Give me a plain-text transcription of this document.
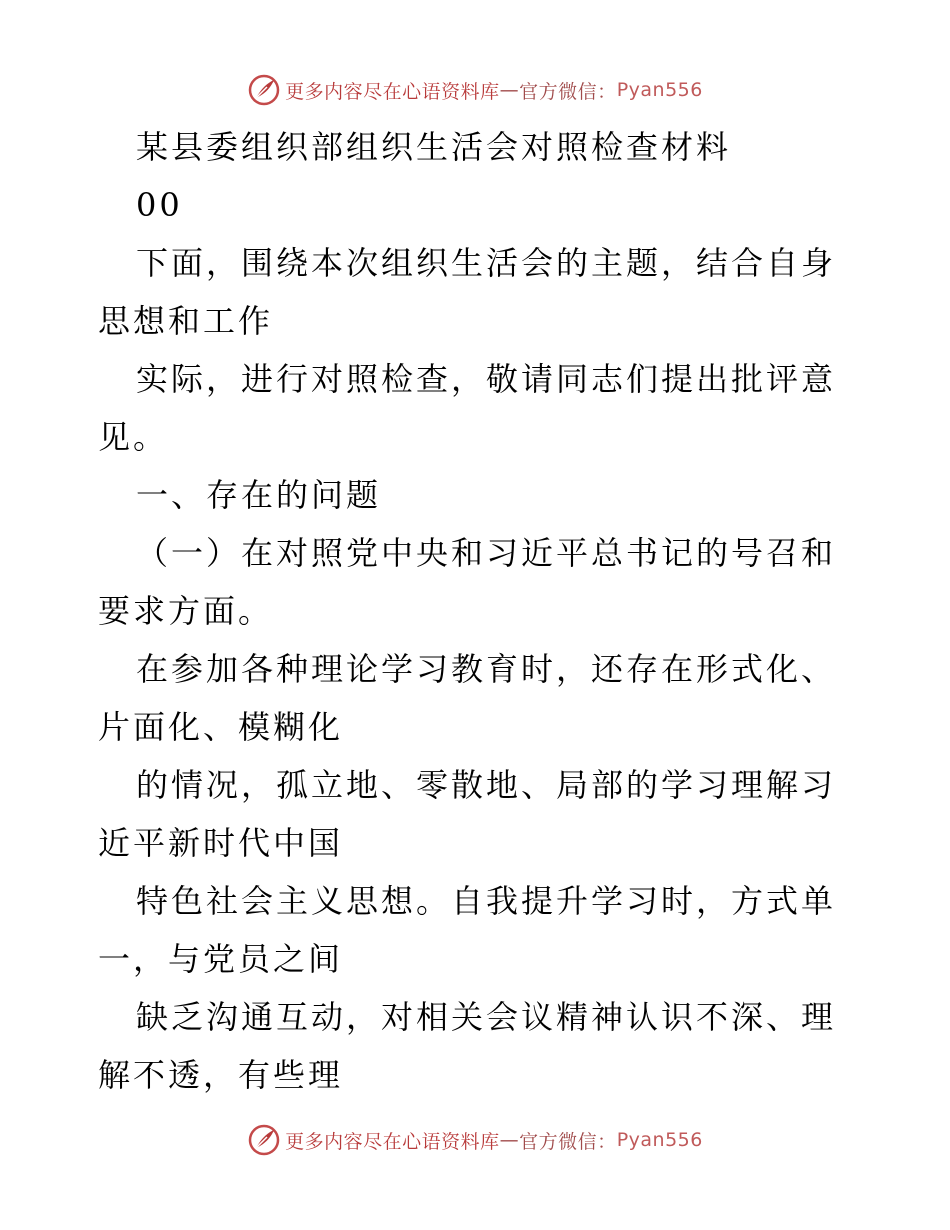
更多内容尽在心语资料库 — 官方微信： Pyan556

某县委组织部组织生活会对照检查材料

00

下面，围绕本次组织生活会的主题，结合自身思想和工作

实际，进行对照检查，敬请同志们提出批评意见。

一、存在的问题

（一）在对照党中央和习近平总书记的号召和要求方面。

在参加各种理论学习教育时，还存在形式化、片面化、模糊化

的情况，孤立地、零散地、局部的学习理解习近平新时代中国

特色社会主义思想。自我提升学习时，方式单一，与党员之间

缺乏沟通互动，对相关会议精神认识不深、理解不透，有些理

更多内容尽在心语资料库 — 官方微信： Pyan556
